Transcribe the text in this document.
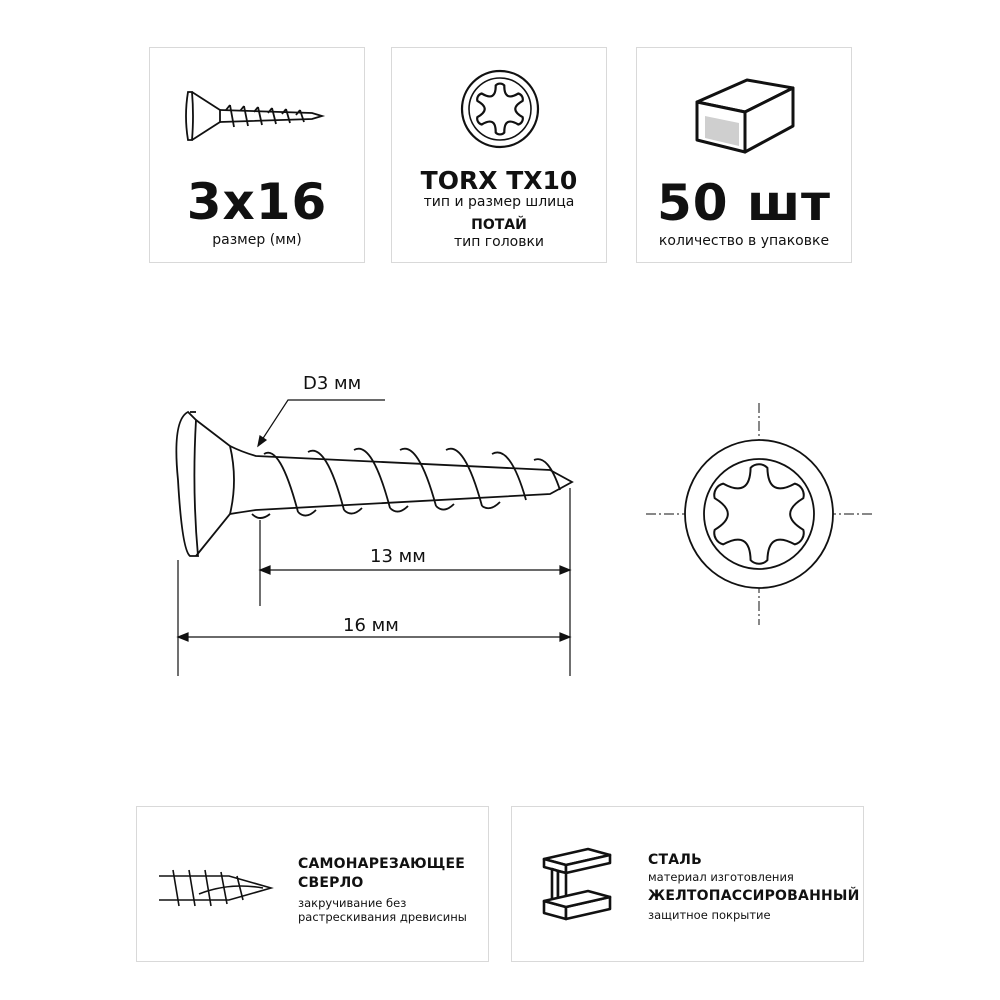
3x16
размер (мм)
TORX TX10
тип и размер шлица
ПОТАЙ
тип головки
50 шт
количество в упаковке
D3 мм
13 мм
16 мм
САМОНАРЕЗАЮЩЕЕ
СВЕРЛО
закручивание без
растрескивания древисины
СТАЛЬ
материал изготовления
ЖЕЛТОПАССИРОВАННЫЙ
защитное покрытие
